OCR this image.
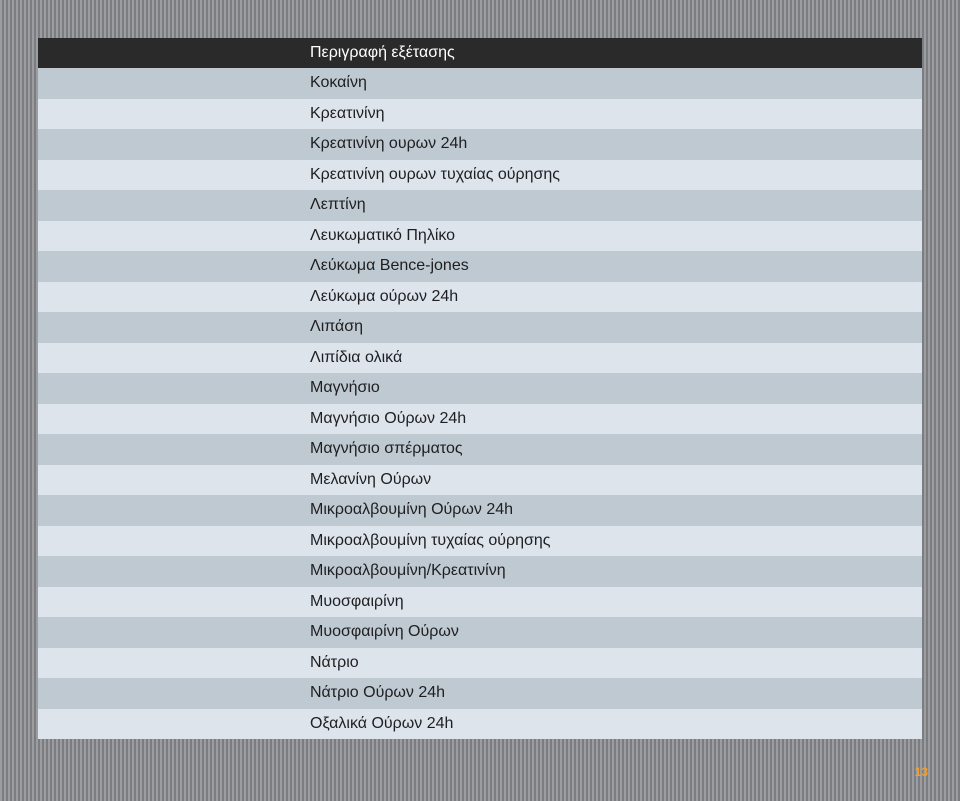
Περιγραφή εξέτασης
Κοκαίνη
Κρεατινίνη
Κρεατινίνη ουρων 24h
Κρεατινίνη ουρων τυχαίας ούρησης
Λεπτίνη
Λευκωματικό Πηλίκο
Λεύκωμα Bence-jones
Λεύκωμα ούρων 24h
Λιπάση
Λιπίδια ολικά
Μαγνήσιο
Μαγνήσιο Ούρων 24h
Μαγνήσιο σπέρματος
Μελανίνη Ούρων
Μικροαλβουμίνη Ούρων 24h
Μικροαλβουμίνη τυχαίας ούρησης
Μικροαλβουμίνη/Κρεατινίνη
Μυοσφαιρίνη
Μυοσφαιρίνη Ούρων
Νάτριο
Νάτριο Ούρων 24h
Οξαλικά Ούρων 24h
13
